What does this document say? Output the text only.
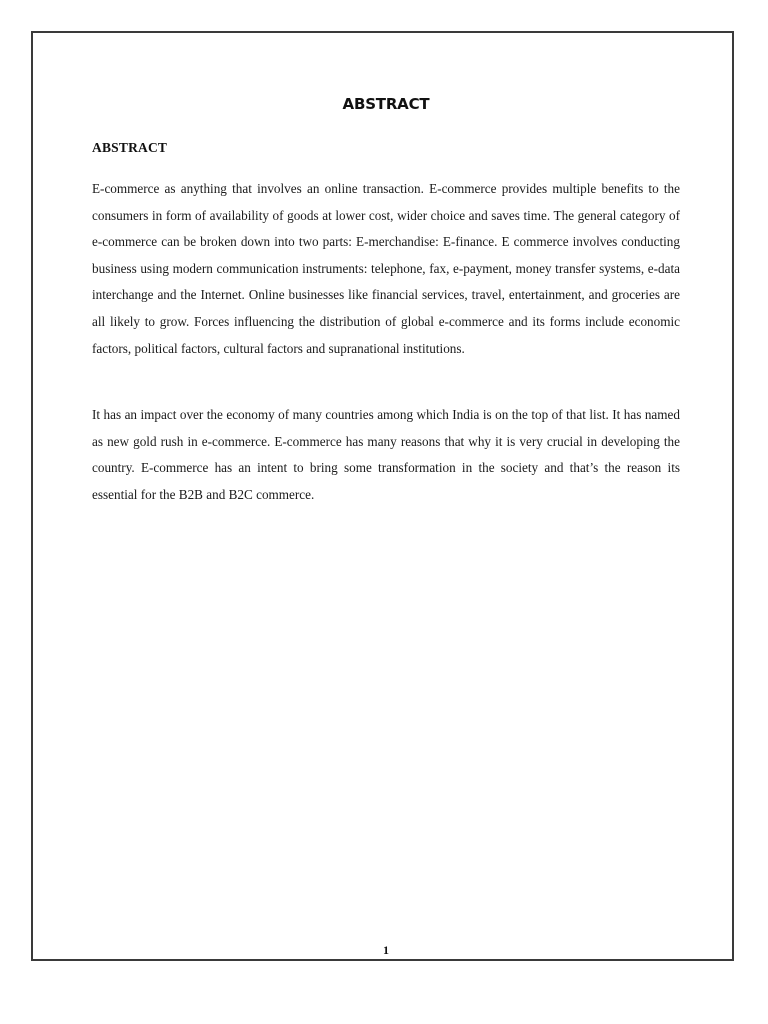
ABSTRACT
ABSTRACT

E-commerce as anything that involves an online transaction. E-commerce provides multiple benefits to the consumers in form of availability of goods at lower cost, wider choice and saves time. The general category of e-commerce can be broken down into two parts: E-merchandise: E-finance. E commerce involves conducting business using modern communication instruments: telephone, fax, e-payment, money transfer systems, e-data interchange and the Internet. Online businesses like financial services, travel, entertainment, and groceries are all likely to grow. Forces influencing the distribution of global e-commerce and its forms include economic factors, political factors, cultural factors and supranational institutions.

It has an impact over the economy of many countries among which India is on the top of that list. It has named as new gold rush in e-commerce. E-commerce has many reasons that why it is very crucial in developing the country. E-commerce has an intent to bring some transformation in the society and that’s the reason its essential for the B2B and B2C commerce.

1
